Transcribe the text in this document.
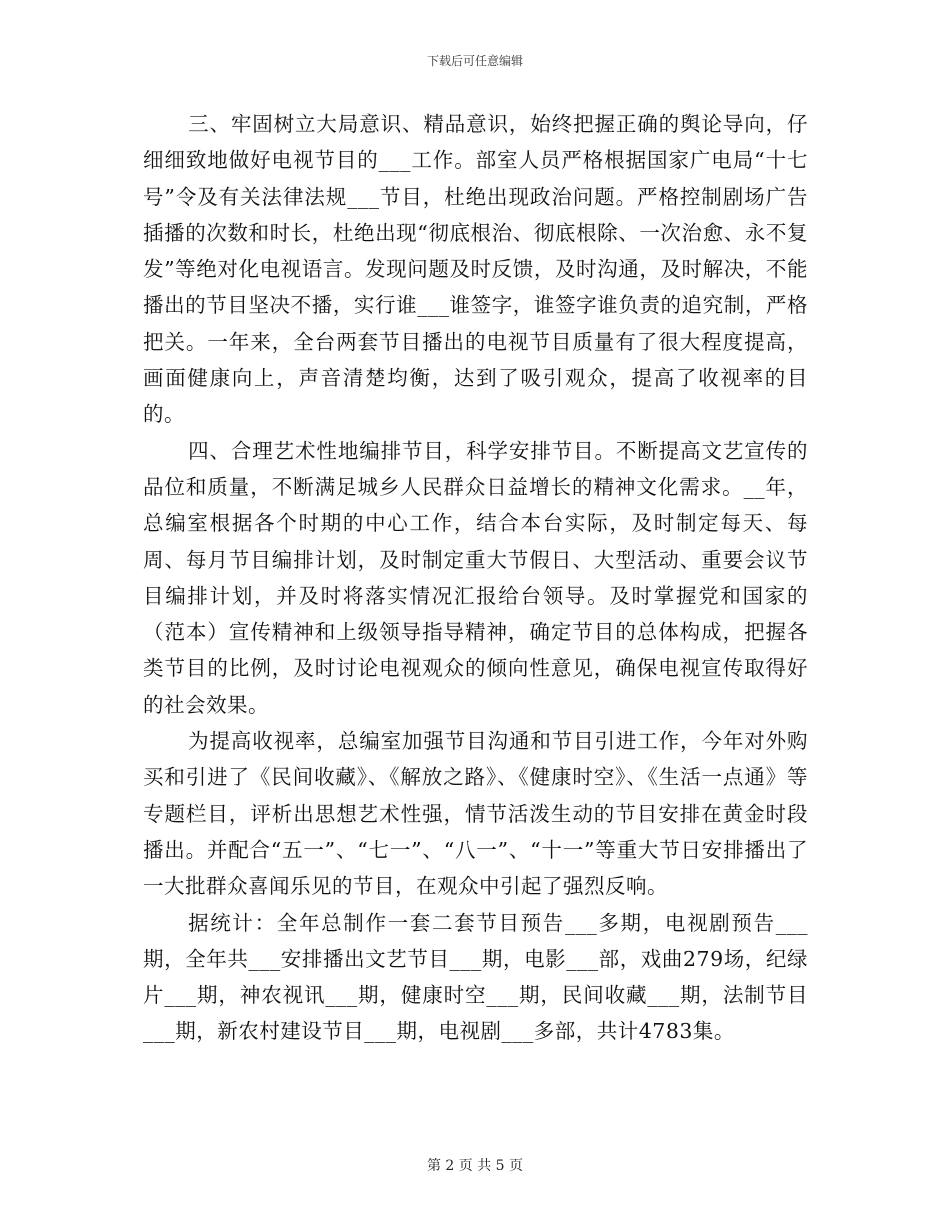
下载后可任意编辑

三、牢固树立大局意识、精品意识，始终把握正确的舆论导向，仔细细致地做好电视节目的___工作。部室人员严格根据国家广电局“十七号”令及有关法律法规___节目，杜绝出现政治问题。严格控制剧场广告插播的次数和时长，杜绝出现“彻底根治、彻底根除、一次治愈、永不复发”等绝对化电视语言。发现问题及时反馈，及时沟通，及时解决，不能播出的节目坚决不播，实行谁___谁签字，谁签字谁负责的追究制，严格把关。一年来，全台两套节目播出的电视节目质量有了很大程度提高，画面健康向上，声音清楚均衡，达到了吸引观众，提高了收视率的目的。

四、合理艺术性地编排节目，科学安排节目。不断提高文艺宣传的品位和质量，不断满足城乡人民群众日益增长的精神文化需求。__年，总编室根据各个时期的中心工作，结合本台实际，及时制定每天、每周、每月节目编排计划，及时制定重大节假日、大型活动、重要会议节目编排计划，并及时将落实情况汇报给台领导。及时掌握党和国家的（范本）宣传精神和上级领导指导精神，确定节目的总体构成，把握各类节目的比例，及时讨论电视观众的倾向性意见，确保电视宣传取得好的社会效果。

为提高收视率，总编室加强节目沟通和节目引进工作，今年对外购买和引进了《民间收藏》、《解放之路》、《健康时空》、《生活一点通》等专题栏目，评析出思想艺术性强，情节活泼生动的节目安排在黄金时段播出。并配合“五一”、“七一”、“八一”、“十一”等重大节日安排播出了一大批群众喜闻乐见的节目，在观众中引起了强烈反响。

据统计：全年总制作一套二套节目预告___多期，电视剧预告___期，全年共___安排播出文艺节目___期，电影___部，戏曲279场，纪绿片___期，神农视讯___期，健康时空___期，民间收藏___期，法制节目___期，新农村建设节目___期，电视剧___多部，共计4783集。

第 2 页 共 5 页
